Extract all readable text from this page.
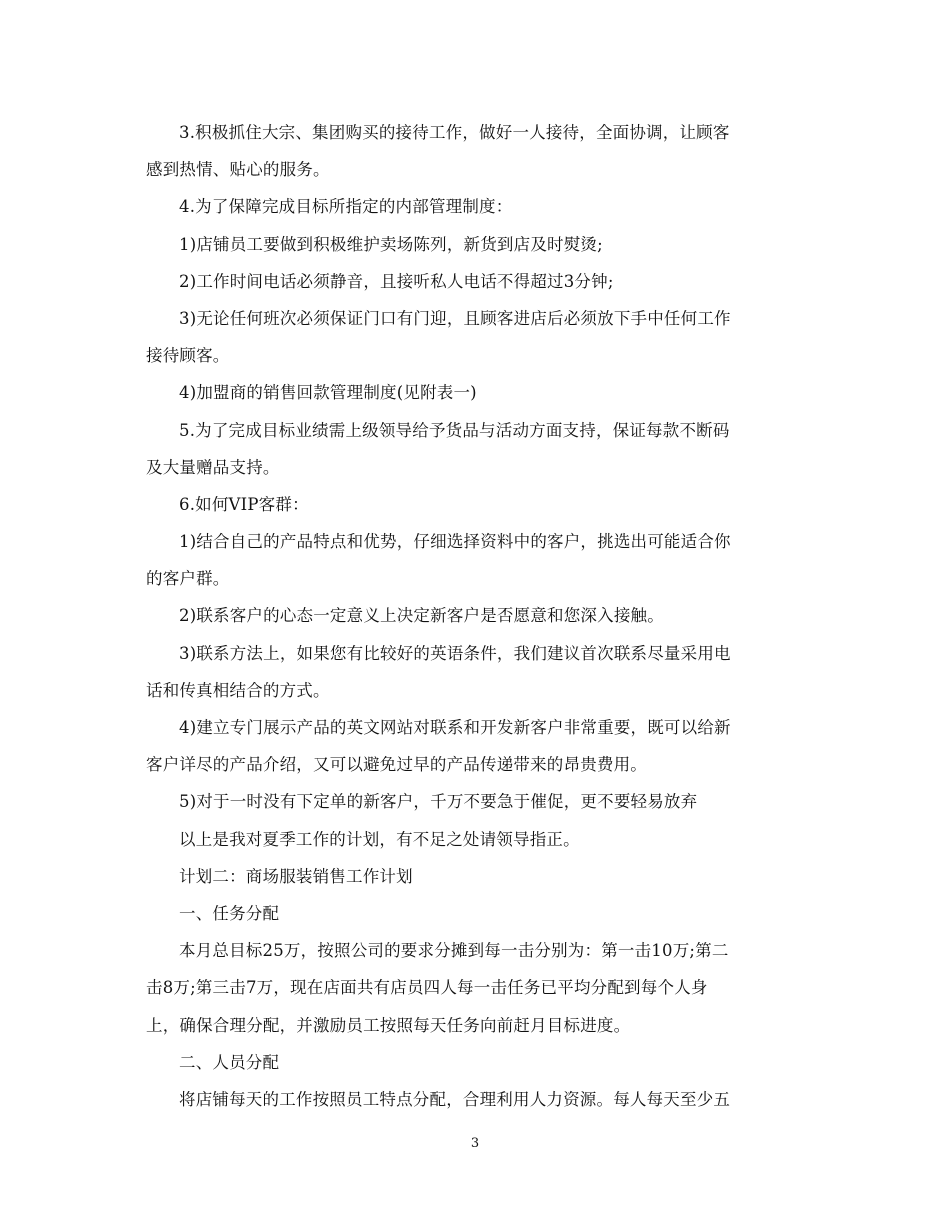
3.积极抓住大宗、集团购买的接待工作，做好一人接待，全面协调，让顾客
感到热情、贴心的服务。
4.为了保障完成目标所指定的内部管理制度：
1)店铺员工要做到积极维护卖场陈列，新货到店及时熨烫;
2)工作时间电话必须静音，且接听私人电话不得超过3分钟;
3)无论任何班次必须保证门口有门迎，且顾客进店后必须放下手中任何工作
接待顾客。
4)加盟商的销售回款管理制度(见附表一)
5.为了完成目标业绩需上级领导给予货品与活动方面支持，保证每款不断码
及大量赠品支持。
6.如何VIP客群：
1)结合自己的产品特点和优势，仔细选择资料中的客户，挑选出可能适合你
的客户群。
2)联系客户的心态一定意义上决定新客户是否愿意和您深入接触。
3)联系方法上，如果您有比较好的英语条件，我们建议首次联系尽量采用电
话和传真相结合的方式。
4)建立专门展示产品的英文网站对联系和开发新客户非常重要，既可以给新
客户详尽的产品介绍，又可以避免过早的产品传递带来的昂贵费用。
5)对于一时没有下定单的新客户，千万不要急于催促，更不要轻易放弃
以上是我对夏季工作的计划，有不足之处请领导指正。
计划二：商场服装销售工作计划
一、任务分配
本月总目标25万，按照公司的要求分摊到每一击分别为：第一击10万;第二
击8万;第三击7万，现在店面共有店员四人每一击任务已平均分配到每个人身
上，确保合理分配，并激励员工按照每天任务向前赶月目标进度。
二、人员分配
将店铺每天的工作按照员工特点分配，合理利用人力资源。每人每天至少五
3
